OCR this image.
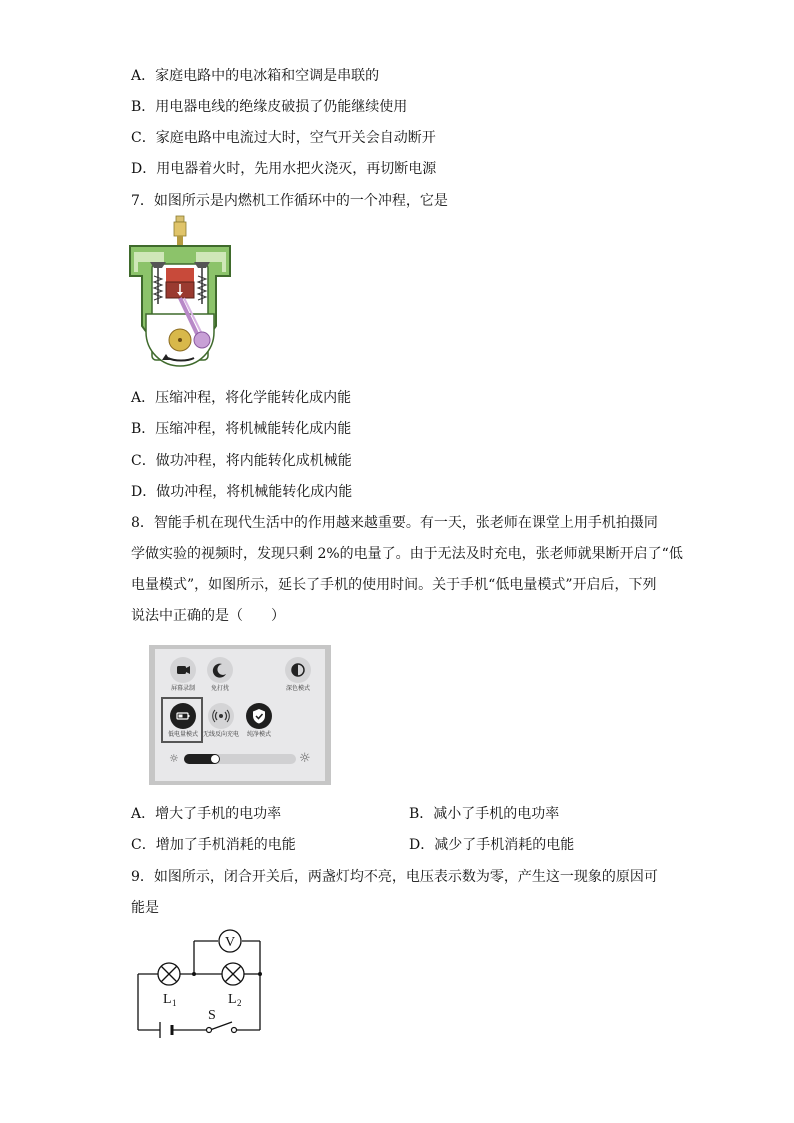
A．家庭电路中的电冰箱和空调是串联的
B．用电器电线的绝缘皮破损了仍能继续使用
C．家庭电路中电流过大时，空气开关会自动断开
D．用电器着火时，先用水把火浇灭，再切断电源
7．如图所示是内燃机工作循环中的一个冲程，它是
A．压缩冲程，将化学能转化成内能
B．压缩冲程，将机械能转化成内能
C．做功冲程，将内能转化成机械能
D．做功冲程，将机械能转化成内能
8．智能手机在现代生活中的作用越来越重要。有一天，张老师在课堂上用手机拍摄同
学做实验的视频时，发现只剩 2%的电量了。由于无法及时充电，张老师就果断开启了“低
电量模式”，如图所示，延长了手机的使用时间。关于手机“低电量模式”开启后，下列
说法中正确的是（　　）
屏幕录制	免打扰	深色模式
低电量模式 无线反向充电	纯净模式
☼	☼
A．增大了手机的电功率	B．减小了手机的电功率
C．增加了手机消耗的电能	D．减少了手机消耗的电能
9．如图所示，闭合开关后，两盏灯均不亮，电压表示数为零，产生这一现象的原因可
能是
V
L 1	L 2
S
